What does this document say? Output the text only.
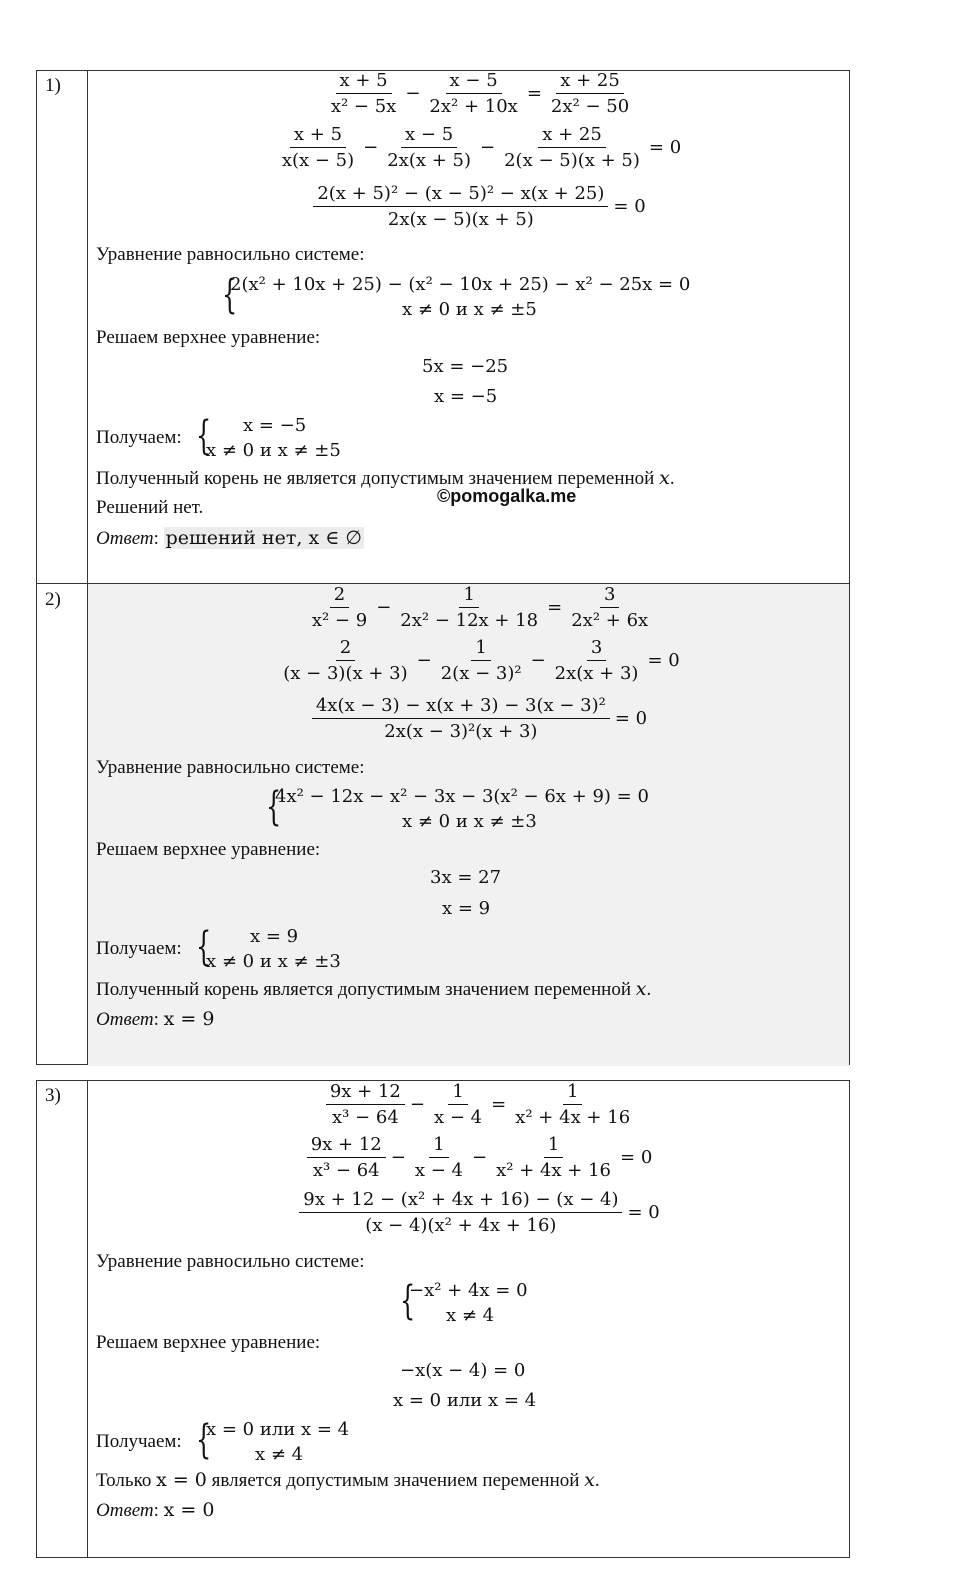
1)
2)
3)
$\frac{x + 5}{\text{x² − 5x}} - \frac{x - 5}{\text{2x² + 10x}} = \frac{x + 25}{\text{2x² − 50}}$
$\frac{x + 5}{x(x - 5)} - \frac{x - 5}{2x(x + 5)} - \frac{x + 25}{2(x - 5)(x + 5)} = 0$
$\frac{\text{2(x + 5)² − (x − 5)² − x(x + 25)}}{2x(x - 5)(x + 5)} = 0$
Уравнение равносильно системе:
{
2(x² + 10x + 25) − (x² − 10x + 25) − x² − 25x = 0
x ≠ 0 и x ≠ ±5
Решаем верхнее уравнение:
5x = −25
x = −5
Получаем: { x = −5
x ≠ 0 и x ≠ ±5
Полученный корень не является допустимым значением переменной x.
Решений нет.
Ответ: решений нет, x ∈ ∅
©pomogalka.me
$\frac{2}{\text{x² − 9}} - \frac{1}{\text{2x² − 12x + 18}} = \frac{3}{\text{2x² + 6x}}$
$\frac{2}{(x - 3)(x + 3)} - \frac{1}{\text{2(x − 3)²}} - \frac{3}{2x(x + 3)} = 0$
$\frac{\text{4x(x − 3) − x(x + 3) − 3(x − 3)²}}{\text{2x(x − 3)²(x + 3)}} = 0$
Уравнение равносильно системе:
{
4x² − 12x − x² − 3x − 3(x² − 6x + 9) = 0
x ≠ 0 и x ≠ ±3
Решаем верхнее уравнение:
3x = 27
x = 9
Получаем: { x = 9
x ≠ 0 и x ≠ ±3
Полученный корень является допустимым значением переменной x.
Ответ: x = 9
$\frac{9x + 12}{\text{x³ − 64}} - \frac{1}{x - 4} = \frac{1}{\text{x² + 4x + 16}}$
$\frac{9x + 12}{\text{x³ − 64}} - \frac{1}{x - 4} - \frac{1}{\text{x² + 4x + 16}} = 0$
$\frac{\text{9x + 12 − (x² + 4x + 16) − (x − 4)}}{\text{(x − 4)(x² + 4x + 16)}} = 0$
Уравнение равносильно системе:
{
−x² + 4x = 0
x ≠ 4
Решаем верхнее уравнение:
−x(x − 4) = 0
x = 0 или x = 4
Получаем: {
x = 0 или x = 4
x ≠ 4
Только x = 0 является допустимым значением переменной x.
Ответ: x = 0
